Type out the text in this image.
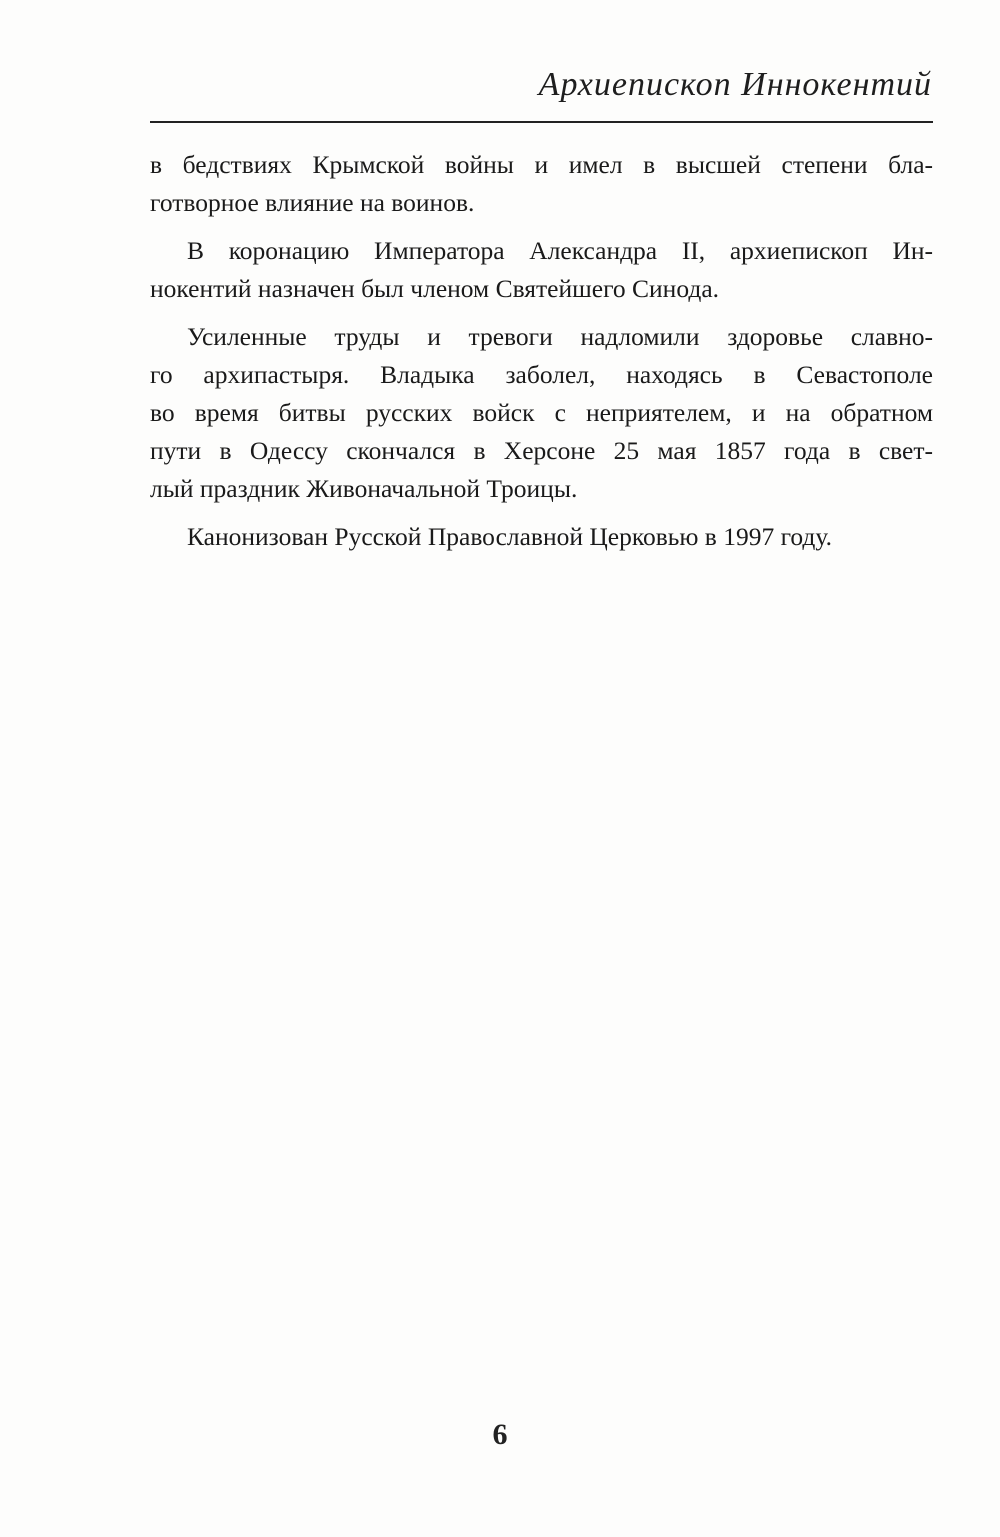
Архиепископ Иннокентий
в бедствиях Крымской войны и имел в высшей степени бла-
готворное влияние на воинов.
В коронацию Императора Александра II, архиепископ Ин-
нокентий назначен был членом Святейшего Синода.
Усиленные труды и тревоги надломили здоровье славно-
го архипастыря. Владыка заболел, находясь в Севастополе
во время битвы русских войск с неприятелем, и на обратном
пути в Одессу скончался в Херсоне 25 мая 1857 года в свет-
лый праздник Живоначальной Троицы.
Канонизован Русской Православной Церковью в 1997 году.
6
